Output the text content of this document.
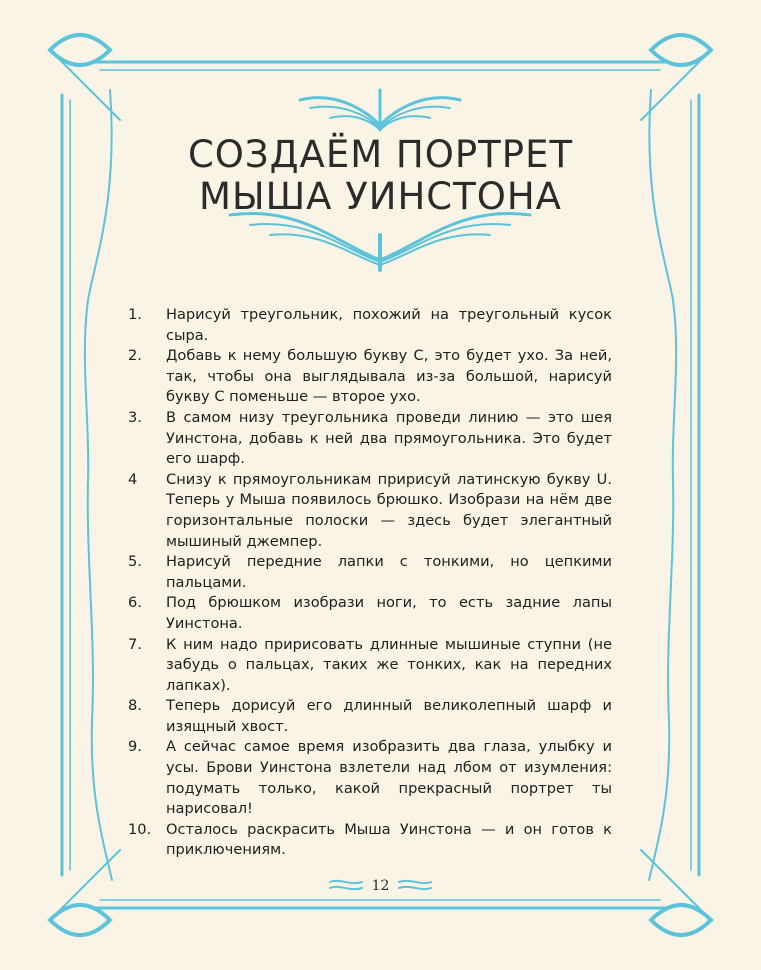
СОЗДАЁМ ПОРТРЕТ
МЫША УИНСТОНА
1.	Нарисуй треугольник, похожий на треугольный кусок сыра.
2.	Добавь к нему большую букву С, это будет ухо. За ней, так, чтобы она выглядывала из-за большой, нарисуй букву С поменьше — второе ухо.
3.	В самом низу треугольника проведи линию — это шея Уинстона, добавь к ней два прямоугольника. Это будет его шарф.
4	Снизу к прямоугольникам пририсуй латинскую букву U. Теперь у Мыша появилось брюшко. Изобрази на нём две горизонтальные полоски — здесь будет элегантный мышиный джемпер.
5.	Нарисуй передние лапки с тонкими, но цепкими пальцами.
6.	Под брюшком изобрази ноги, то есть задние лапы Уинстона.
7.	К ним надо пририсовать длинные мышиные ступни (не забудь о пальцах, таких же тонких, как на передних лапках).
8.	Теперь дорисуй его длинный великолепный шарф и изящный хвост.
9.	А сейчас самое время изобразить два глаза, улыбку и усы. Брови Уинстона взлетели над лбом от изумления: подумать только, какой прекрасный портрет ты нарисовал!
10.	Осталось раскрасить Мыша Уинстона — и он готов к приключениям.
12
